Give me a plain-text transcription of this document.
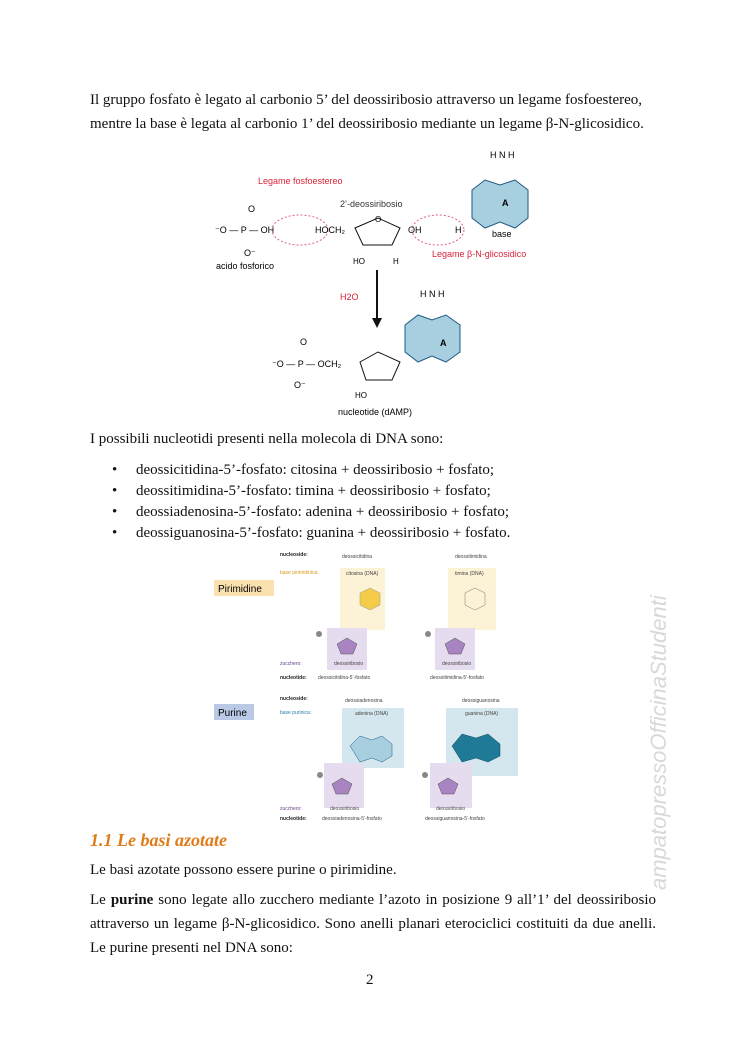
Il gruppo fosfato è legato al carbonio 5’ del deossiribosio attraverso un legame fosfoestereo,
mentre la base è legata al carbonio 1’ del deossiribosio mediante un legame β-N-glicosidico.
Legame fosfoestereo
2’-deossiribosio
⁻O — P — OH
O
O⁻
acido fosforico
HOCH₂
O
OH
HO	H
H
A
H N H
base
Legame β-N-glicosidico
H2O
⁻O — P — OCH₂
O
O⁻
HO
A
H N H
nucleotide (dAMP)
I possibili nucleotidi presenti nella molecola di DNA sono:
• deossicitidina-5’-fosfato: citosina + deossiribosio + fosfato;
• deossitimidina-5’-fosfato: timina + deossiribosio + fosfato;
• deossiadenosina-5’-fosfato: adenina + deossiribosio + fosfato;
• deossiguanosina-5’-fosfato: guanina + deossiribosio + fosfato.
Pirimidine
Purine
nucleoside:
base pirimidinica:
zucchero:
nucleotide:
nucleoside:
base purinica:
zucchero:
nucleotide:
deossicitidina
citosina (DNA)
deossiribosio
deossicitidina-5’-fosfato
deossitimidina
timina (DNA)
deossiribosio
deossitimidina-5’-fosfato
deossiadenosina
adenina (DNA)
deossiribosio
deossiadenosina-5’-fosfato
deossiguanosina
guanina (DNA)
deossiribosio
deossiguanosina-5’-fosfato
1.1 Le basi azotate
Le basi azotate possono essere purine o pirimidine.
Le purine sono legate allo zucchero mediante l’azoto in posizione 9 all’1’ del deossiribosio attraverso un legame β-N-glicosidico. Sono anelli planari eterociclici costituiti da due anelli. Le purine presenti nel DNA sono:
2
ampatopressoOfficinaStudenti
